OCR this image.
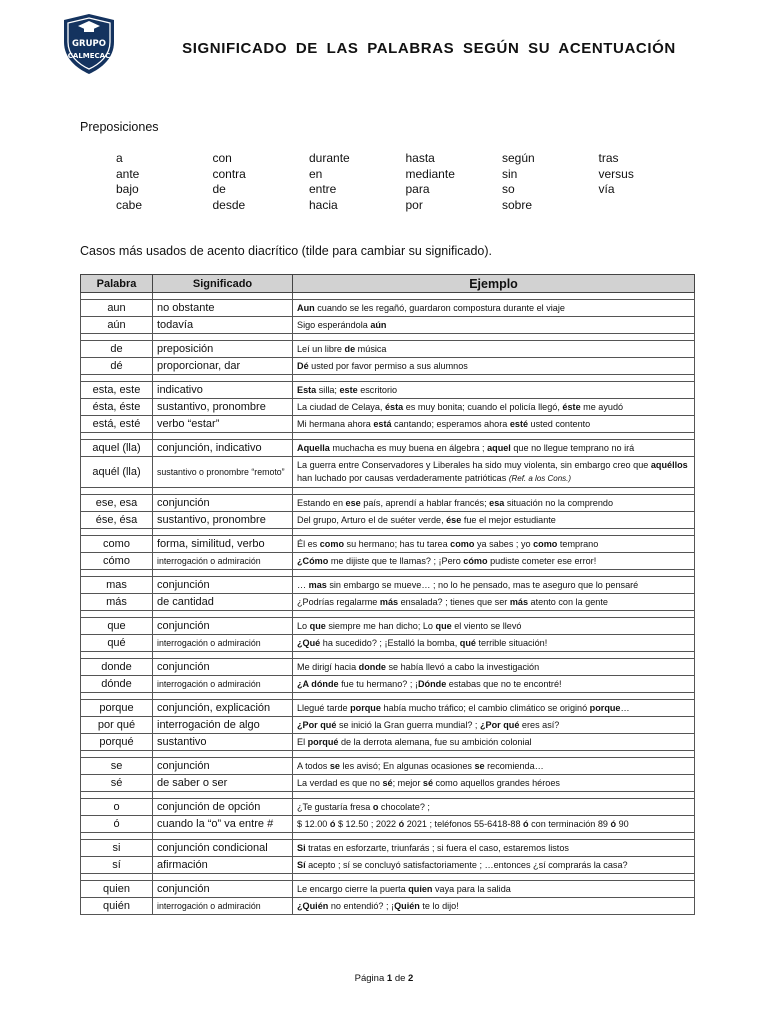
GRUPO
CALMECAC	SIGNIFICADO DE LAS PALABRAS SEGÚN SU ACENTUACIÓN
Preposiciones
a	con	durante	hasta	según	tras
ante	contra	en	mediante	sin	versus
bajo	de	entre	para	so	vía
cabe	desde	hacia	por	sobre
Casos más usados de acento diacrítico (tilde para cambiar su significado).
Palabra	Significado	Ejemplo

aun	no obstante	Aun cuando se les regañó, guardaron compostura durante el viaje
aún	todavía	Sigo esperándola aún

de	preposición	Leí un libre de música
dé	proporcionar, dar	Dé usted por favor permiso a sus alumnos

esta, este	indicativo	Esta silla; este escritorio
ésta, éste	sustantivo, pronombre	La ciudad de Celaya, ésta es muy bonita; cuando el policía llegó, éste me ayudó
está, esté	verbo “estar”	Mi hermana ahora está cantando; esperamos ahora esté usted contento

aquel (lla)	conjunción, indicativo	Aquella muchacha es muy buena en álgebra ; aquel que no llegue temprano no irá
aquél (lla)	sustantivo o pronombre “remoto”	La guerra entre Conservadores y Liberales ha sido muy violenta, sin embargo creo que aquéllos han luchado por causas verdaderamente patrióticas (Ref. a los Cons.)

ese, esa	conjunción	Estando en ese país, aprendí a hablar francés; esa situación no la comprendo
ése, ésa	sustantivo, pronombre	Del grupo, Arturo el de suéter verde, ése fue el mejor estudiante

como	forma, similitud, verbo	Él es como su hermano; has tu tarea como ya sabes ; yo como temprano
cómo	interrogación o admiración	¿Cómo me dijiste que te llamas? ; ¡Pero cómo pudiste cometer ese error!

mas	conjunción	… mas sin embargo se mueve… ; no lo he pensado, mas te aseguro que lo pensaré
más	de cantidad	¿Podrías regalarme más ensalada? ; tienes que ser más atento con la gente

que	conjunción	Lo que siempre me han dicho; Lo que el viento se llevó
qué	interrogación o admiración	¿Qué ha sucedido? ; ¡Estalló la bomba, qué terrible situación!

donde	conjunción	Me dirigí hacia donde se había llevó a cabo la investigación
dónde	interrogación o admiración	¿A dónde fue tu hermano? ; ¡Dónde estabas que no te encontré!

porque	conjunción, explicación	Llegué tarde porque había mucho tráfico; el cambio climático se originó porque…
por qué	interrogación de algo	¿Por qué se inició la Gran guerra mundial? ; ¿Por qué eres así?
porqué	sustantivo	El porqué de la derrota alemana, fue su ambición colonial

se	conjunción	A todos se les avisó; En algunas ocasiones se recomienda…
sé	de saber o ser	La verdad es que no sé; mejor sé como aquellos grandes héroes

o	conjunción de opción	¿Te gustaría fresa o chocolate? ;
ó	cuando la “o” va entre #	$ 12.00 ó $ 12.50 ; 2022 ó 2021 ; teléfonos 55-6418-88 ó con terminación 89 ó 90

si	conjunción condicional	Si tratas en esforzarte, triunfarás ; si fuera el caso, estaremos listos
sí	afirmación	Sí acepto ; sí se concluyó satisfactoriamente ; …entonces ¿sí comprarás la casa?

quien	conjunción	Le encargo cierre la puerta quien vaya para la salida
quién	interrogación o admiración	¿Quién no entendió? ; ¡Quién te lo dijo!
Página 1 de 2
